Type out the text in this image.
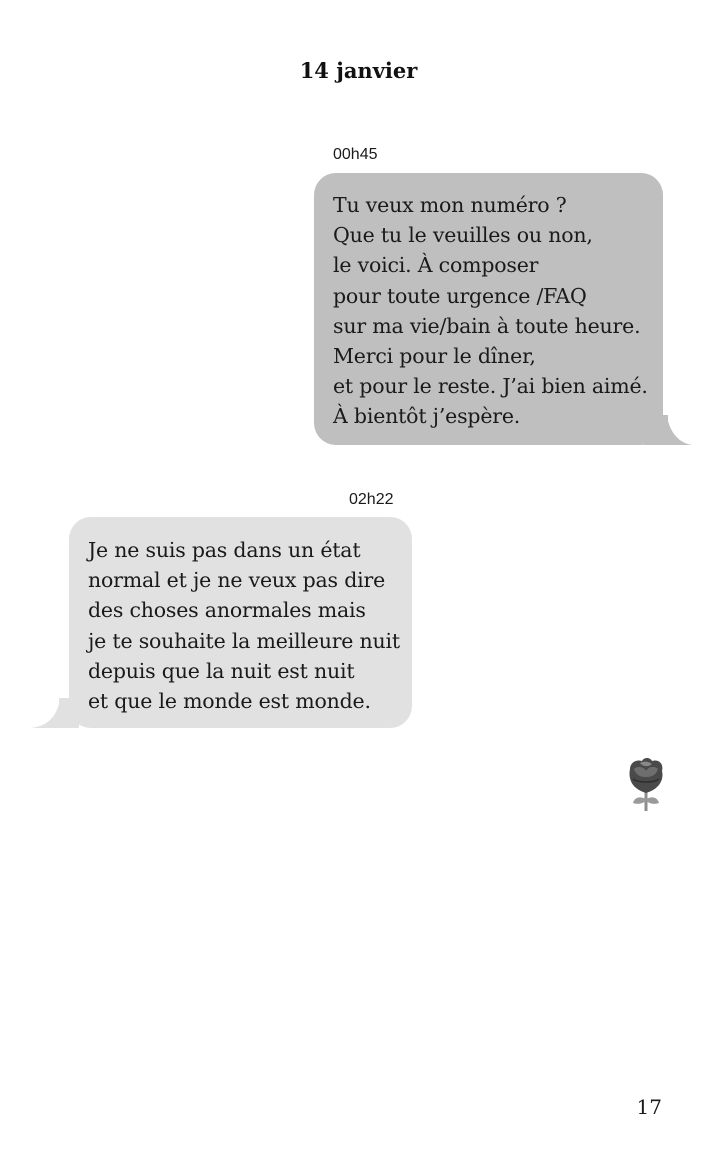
14 janvier
00h45
Tu veux mon numéro ?
Que tu le veuilles ou non,
le voici. À composer
pour toute urgence /FAQ
sur ma vie/bain à toute heure.
Merci pour le dîner,
et pour le reste. J’ai bien aimé.
À bientôt j’espère.
02h22
Je ne suis pas dans un état
normal et je ne veux pas dire
des choses anormales mais
je te souhaite la meilleure nuit
depuis que la nuit est nuit
et que le monde est monde.
17
